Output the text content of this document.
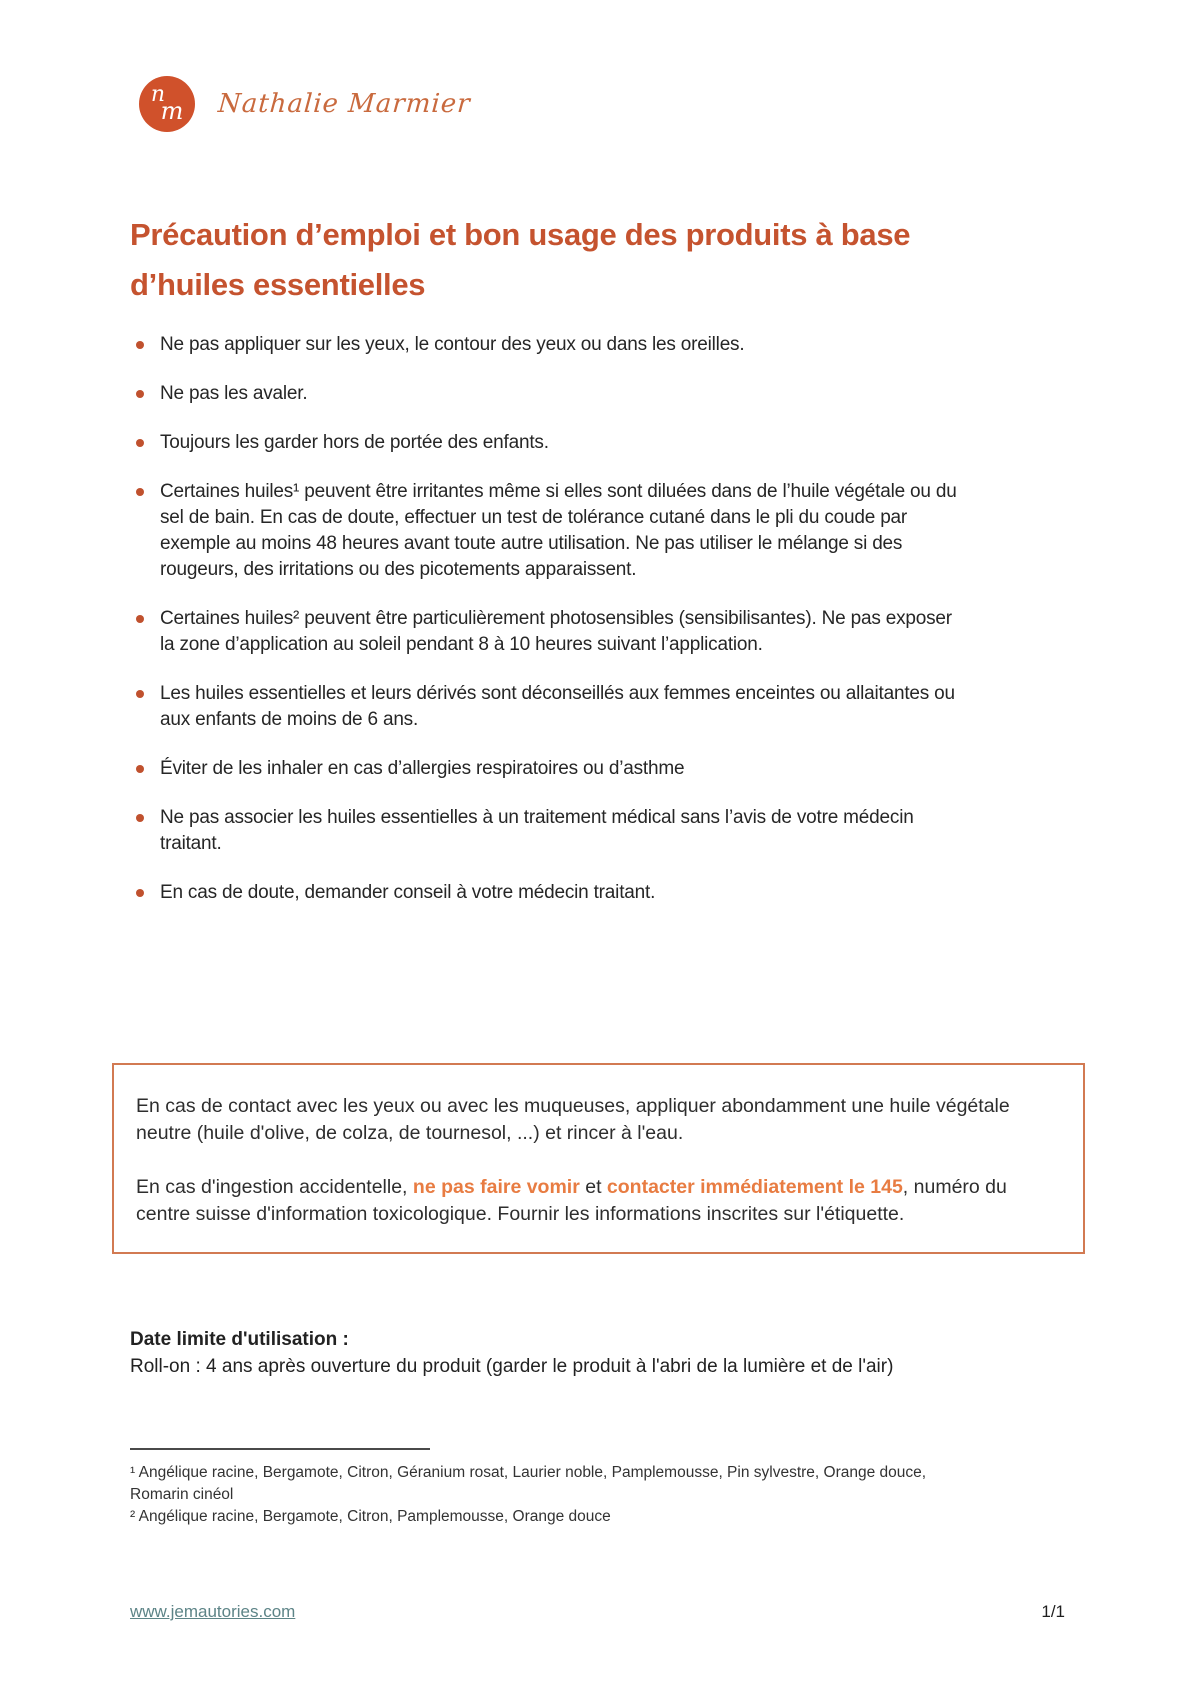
n
m Nathalie Marmier
Précaution d’emploi et bon usage des produits à base d’huiles essentielles
Ne pas appliquer sur les yeux, le contour des yeux ou dans les oreilles.
Ne pas les avaler.
Toujours les garder hors de portée des enfants.
Certaines huiles¹ peuvent être irritantes même si elles sont diluées dans de l’huile végétale ou du sel de bain. En cas de doute, effectuer un test de tolérance cutané dans le pli du coude par exemple au moins 48 heures avant toute autre utilisation. Ne pas utiliser le mélange si des rougeurs, des irritations ou des picotements apparaissent.
Certaines huiles² peuvent être particulièrement photosensibles (sensibilisantes). Ne pas exposer la zone d’application au soleil pendant 8 à 10 heures suivant l’application.
Les huiles essentielles et leurs dérivés sont déconseillés aux femmes enceintes ou allaitantes ou aux enfants de moins de 6 ans.
Éviter de les inhaler en cas d’allergies respiratoires ou d’asthme
Ne pas associer les huiles essentielles à un traitement médical sans l’avis de votre médecin traitant.
En cas de doute, demander conseil à votre médecin traitant.

En cas de contact avec les yeux ou avec les muqueuses, appliquer abondamment une huile végétale neutre (huile d'olive, de colza, de tournesol, ...) et rincer à l'eau.

En cas d'ingestion accidentelle, ne pas faire vomir et contacter immédiatement le 145, numéro du centre suisse d'information toxicologique. Fournir les informations inscrites sur l'étiquette.

Date limite d'utilisation :

Roll-on : 4 ans après ouverture du produit (garder le produit à l'abri de la lumière et de l'air)

¹ Angélique racine, Bergamote, Citron, Géranium rosat, Laurier noble, Pamplemousse, Pin sylvestre, Orange douce, Romarin cinéol

² Angélique racine, Bergamote, Citron, Pamplemousse, Orange douce

www.jemautories.com	1/1
